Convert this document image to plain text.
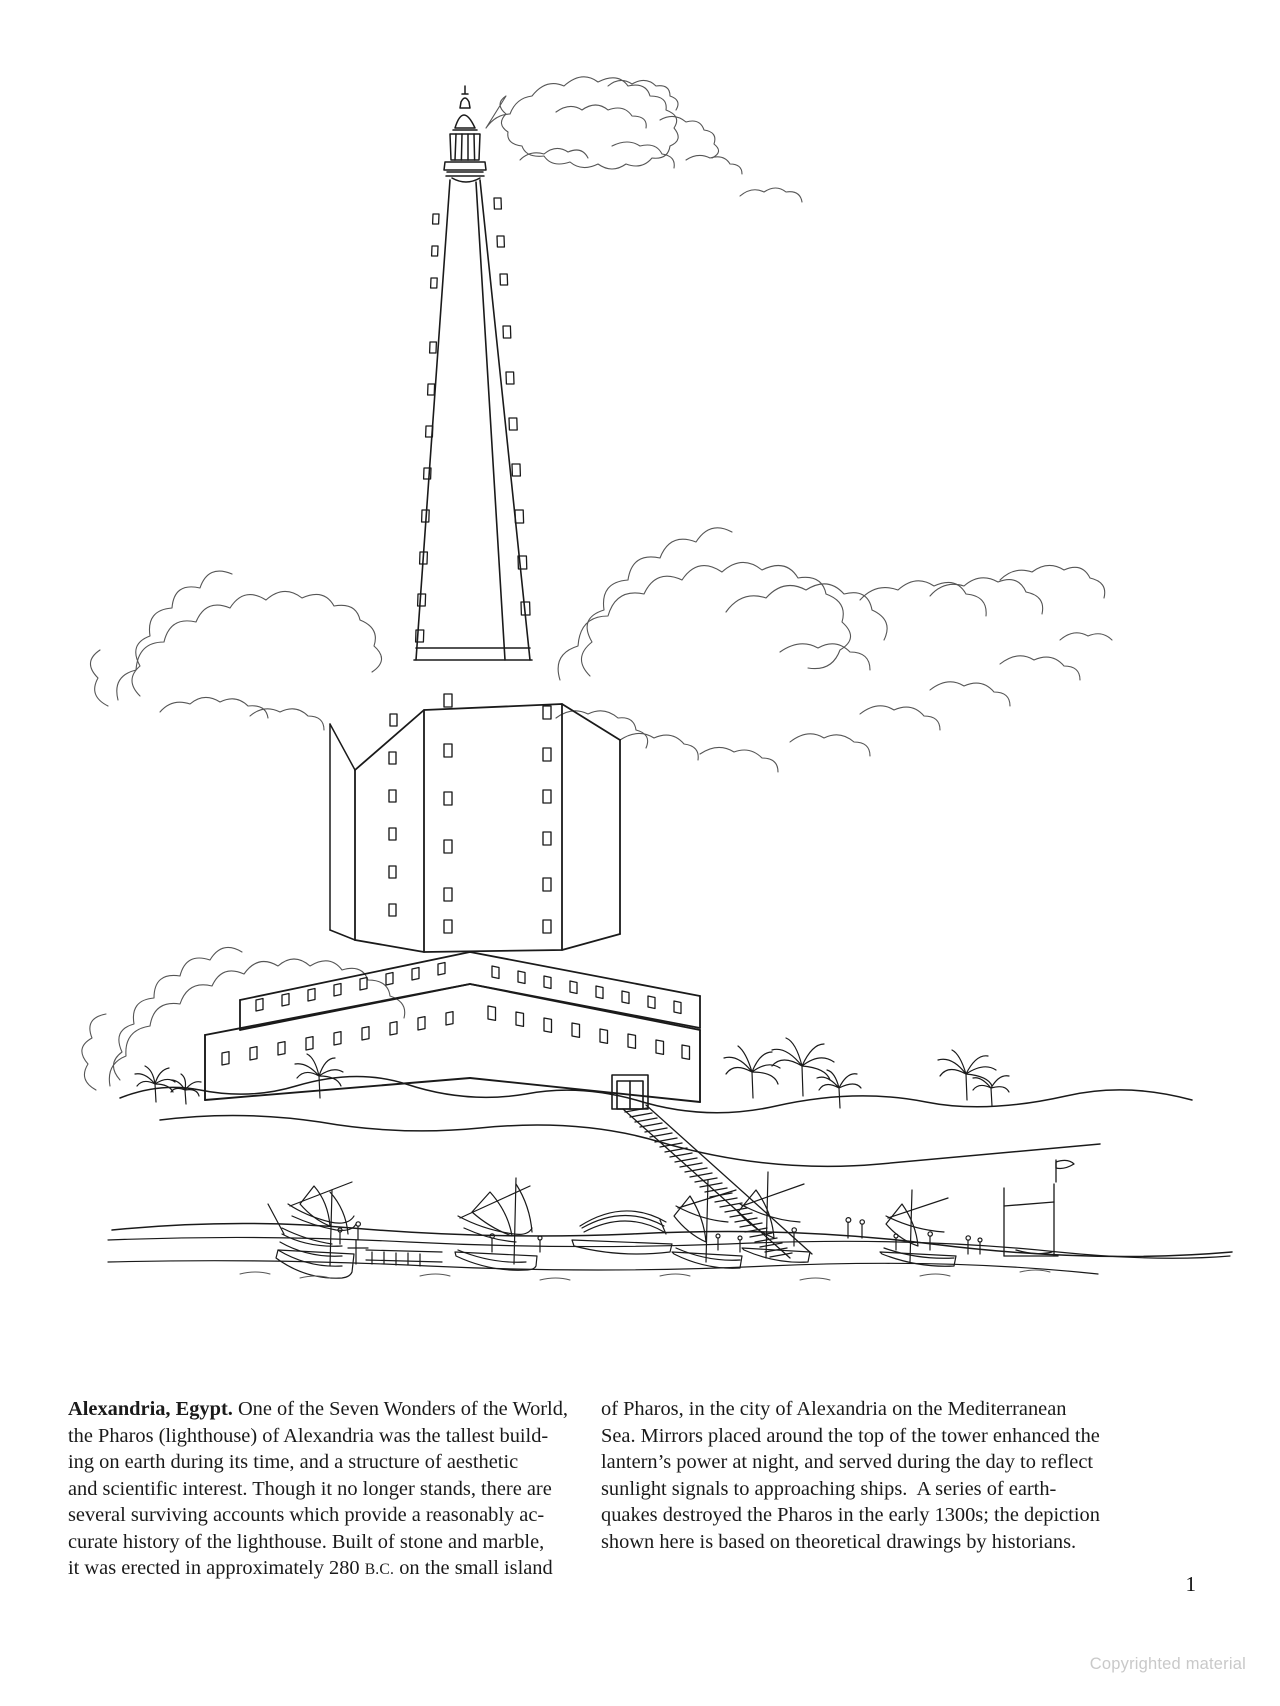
Alexandria, Egypt. One of the Seven Wonders of the World,
the Pharos (lighthouse) of Alexandria was the tallest build-
ing on earth during its time, and a structure of aesthetic
and scientific interest. Though it no longer stands, there are
several surviving accounts which provide a reasonably ac-
curate history of the lighthouse. Built of stone and marble,
it was erected in approximately 280 B.C. on the small island
of Pharos, in the city of Alexandria on the Mediterranean
Sea. Mirrors placed around the top of the tower enhanced the
lantern’s power at night, and served during the day to reflect
sunlight signals to approaching ships.  A series of earth-
quakes destroyed the Pharos in the early 1300s; the depiction
shown here is based on theoretical drawings by historians.
1
Copyrighted material
